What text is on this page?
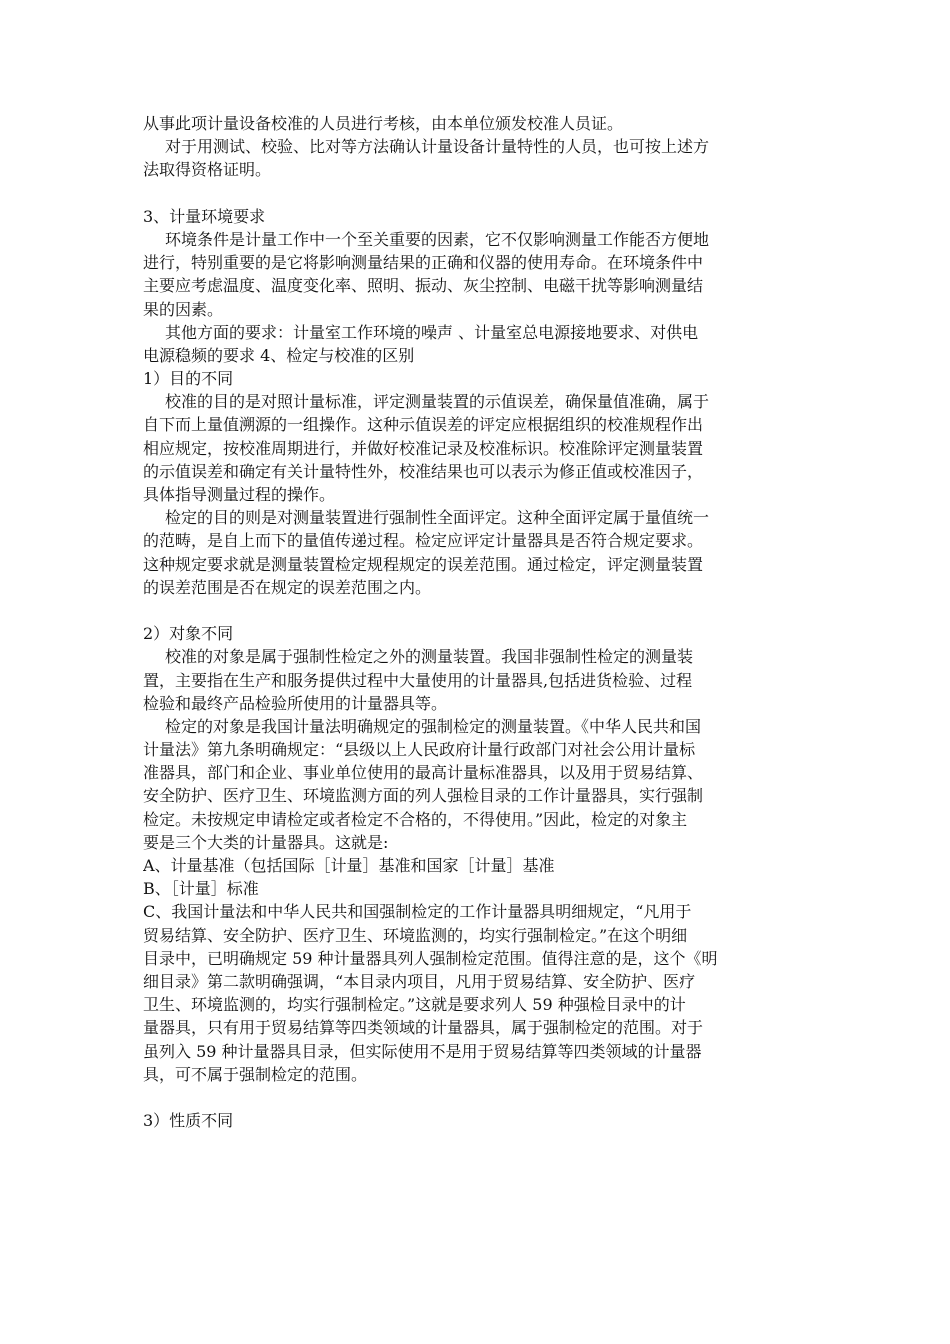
从事此项计量设备校准的人员进行考核，由本单位颁发校准人员证。
对于用测试、校验、比对等方法确认计量设备计量特性的人员，也可按上述方
法取得资格证明。
3、计量环境要求
环境条件是计量工作中一个至关重要的因素，它不仅影响测量工作能否方便地
进行，特别重要的是它将影响测量结果的正确和仪器的使用寿命。在环境条件中
主要应考虑温度、温度变化率、照明、振动、灰尘控制、电磁干扰等影响测量结
果的因素。
其他方面的要求：计量室工作环境的噪声 、计量室总电源接地要求、对供电
电源稳频的要求 4、检定与校准的区别
1）目的不同
校准的目的是对照计量标准，评定测量装置的示值误差，确保量值准确，属于
自下而上量值溯源的一组操作。这种示值误差的评定应根据组织的校准规程作出
相应规定，按校准周期进行，并做好校准记录及校准标识。校准除评定测量装置
的示值误差和确定有关计量特性外，校准结果也可以表示为修正值或校准因子，
具体指导测量过程的操作。
检定的目的则是对测量装置进行强制性全面评定。这种全面评定属于量值统一
的范畴，是自上而下的量值传递过程。检定应评定计量器具是否符合规定要求。
这种规定要求就是测量装置检定规程规定的误差范围。通过检定，评定测量装置
的误差范围是否在规定的误差范围之内。
2）对象不同
校准的对象是属于强制性检定之外的测量装置。我国非强制性检定的测量装
置，主要指在生产和服务提供过程中大量使用的计量器具,包括进货检验、过程
检验和最终产品检验所使用的计量器具等。
检定的对象是我国计量法明确规定的强制检定的测量装置。《中华人民共和国
计量法》第九条明确规定：“县级以上人民政府计量行政部门对社会公用计量标
准器具，部门和企业、事业单位使用的最高计量标准器具，以及用于贸易结算、
安全防护、医疗卫生、环境监测方面的列人强检目录的工作计量器具，实行强制
检定。未按规定申请检定或者检定不合格的，不得使用。”因此，检定的对象主
要是三个大类的计量器具。这就是:
A、计量基准（包括国际［计量］基准和国家［计量］基准
B、［计量］标准
C、我国计量法和中华人民共和国强制检定的工作计量器具明细规定，“凡用于
贸易结算、安全防护、医疗卫生、环境监测的，均实行强制检定。”在这个明细
目录中，已明确规定 59 种计量器具列人强制检定范围。值得注意的是，这个《明
细目录》第二款明确强调，“本目录内项目，凡用于贸易结算、安全防护、医疗
卫生、环境监测的，均实行强制检定。”这就是要求列人 59 种强检目录中的计
量器具，只有用于贸易结算等四类领域的计量器具，属于强制检定的范围。对于
虽列入 59 种计量器具目录，但实际使用不是用于贸易结算等四类领域的计量器
具，可不属于强制检定的范围。
3）性质不同
